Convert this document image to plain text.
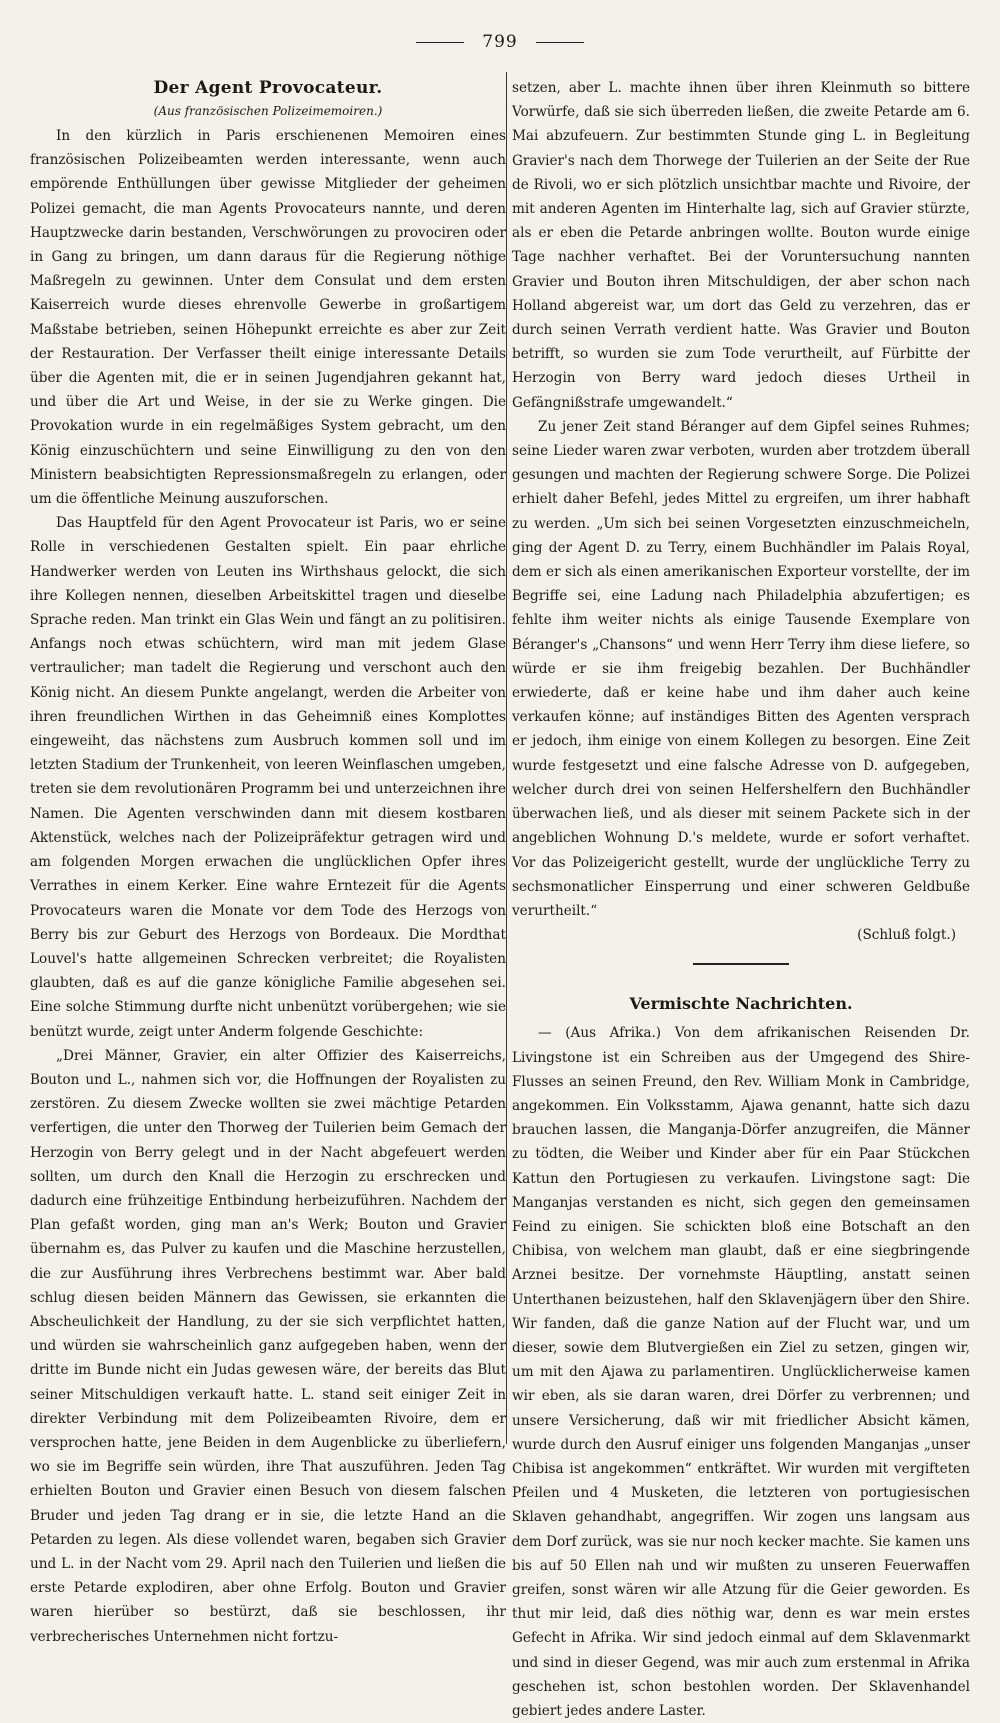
799
Der Agent Provocateur.
(Aus französischen Polizeimemoiren.)

In den kürzlich in Paris erschienenen Memoiren eines französischen Polizeibeamten werden interessante, wenn auch empörende Enthüllungen über gewisse Mitglieder der geheimen Polizei gemacht, die man Agents Provocateurs nannte, und deren Hauptzwecke darin bestanden, Verschwörungen zu provociren oder in Gang zu bringen, um dann daraus für die Regierung nöthige Maßregeln zu gewinnen. Unter dem Consulat und dem ersten Kaiserreich wurde dieses ehrenvolle Gewerbe in großartigem Maßstabe betrieben, seinen Höhepunkt erreichte es aber zur Zeit der Restauration. Der Verfasser theilt einige interessante Details über die Agenten mit, die er in seinen Jugendjahren gekannt hat, und über die Art und Weise, in der sie zu Werke gingen. Die Provokation wurde in ein regelmäßiges System gebracht, um den König einzuschüchtern und seine Einwilligung zu den von den Ministern beabsichtigten Repressionsmaßregeln zu erlangen, oder um die öffentliche Meinung auszuforschen.

Das Hauptfeld für den Agent Provocateur ist Paris, wo er seine Rolle in verschiedenen Gestalten spielt. Ein paar ehrliche Handwerker werden von Leuten ins Wirthshaus gelockt, die sich ihre Kollegen nennen, dieselben Arbeitskittel tragen und dieselbe Sprache reden. Man trinkt ein Glas Wein und fängt an zu politisiren. Anfangs noch etwas schüchtern, wird man mit jedem Glase vertraulicher; man tadelt die Regierung und verschont auch den König nicht. An diesem Punkte angelangt, werden die Arbeiter von ihren freundlichen Wirthen in das Geheimniß eines Komplottes eingeweiht, das nächstens zum Ausbruch kommen soll und im letzten Stadium der Trunkenheit, von leeren Weinflaschen umgeben, treten sie dem revolutionären Programm bei und unterzeichnen ihre Namen. Die Agenten verschwinden dann mit diesem kostbaren Aktenstück, welches nach der Polizeipräfektur getragen wird und am folgenden Morgen erwachen die unglücklichen Opfer ihres Verrathes in einem Kerker. Eine wahre Erntezeit für die Agents Provocateurs waren die Monate vor dem Tode des Herzogs von Berry bis zur Geburt des Herzogs von Bordeaux. Die Mordthat Louvel's hatte allgemeinen Schrecken verbreitet; die Royalisten glaubten, daß es auf die ganze königliche Familie abgesehen sei. Eine solche Stimmung durfte nicht unbenützt vorübergehen; wie sie benützt wurde, zeigt unter Anderm folgende Geschichte:

„Drei Männer, Gravier, ein alter Offizier des Kaiserreichs, Bouton und L., nahmen sich vor, die Hoffnungen der Royalisten zu zerstören. Zu diesem Zwecke wollten sie zwei mächtige Petarden verfertigen, die unter den Thorweg der Tuilerien beim Gemach der Herzogin von Berry gelegt und in der Nacht abgefeuert werden sollten, um durch den Knall die Herzogin zu erschrecken und dadurch eine frühzeitige Entbindung herbeizuführen. Nachdem der Plan gefaßt worden, ging man an's Werk; Bouton und Gravier übernahm es, das Pulver zu kaufen und die Maschine herzustellen, die zur Ausführung ihres Verbrechens bestimmt war. Aber bald schlug diesen beiden Männern das Gewissen, sie erkannten die Abscheulichkeit der Handlung, zu der sie sich verpflichtet hatten, und würden sie wahrscheinlich ganz aufgegeben haben, wenn der dritte im Bunde nicht ein Judas gewesen wäre, der bereits das Blut seiner Mitschuldigen verkauft hatte. L. stand seit einiger Zeit in direkter Verbindung mit dem Polizeibeamten Rivoire, dem er versprochen hatte, jene Beiden in dem Augenblicke zu überliefern, wo sie im Begriffe sein würden, ihre That auszuführen. Jeden Tag erhielten Bouton und Gravier einen Besuch von diesem falschen Bruder und jeden Tag drang er in sie, die letzte Hand an die Petarden zu legen. Als diese vollendet waren, begaben sich Gravier und L. in der Nacht vom 29. April nach den Tuilerien und ließen die erste Petarde explodiren, aber ohne Erfolg. Bouton und Gravier waren hierüber so bestürzt, daß sie beschlossen, ihr verbrecherisches Unternehmen nicht fortzu-

setzen, aber L. machte ihnen über ihren Kleinmuth so bittere Vorwürfe, daß sie sich überreden ließen, die zweite Petarde am 6. Mai abzufeuern. Zur bestimmten Stunde ging L. in Begleitung Gravier's nach dem Thorwege der Tuilerien an der Seite der Rue de Rivoli, wo er sich plötzlich unsichtbar machte und Rivoire, der mit anderen Agenten im Hinterhalte lag, sich auf Gravier stürzte, als er eben die Petarde anbringen wollte. Bouton wurde einige Tage nachher verhaftet. Bei der Voruntersuchung nannten Gravier und Bouton ihren Mitschuldigen, der aber schon nach Holland abgereist war, um dort das Geld zu verzehren, das er durch seinen Verrath verdient hatte. Was Gravier und Bouton betrifft, so wurden sie zum Tode verurtheilt, auf Fürbitte der Herzogin von Berry ward jedoch dieses Urtheil in Gefängnißstrafe umgewandelt.“

Zu jener Zeit stand Béranger auf dem Gipfel seines Ruhmes; seine Lieder waren zwar verboten, wurden aber trotzdem überall gesungen und machten der Regierung schwere Sorge. Die Polizei erhielt daher Befehl, jedes Mittel zu ergreifen, um ihrer habhaft zu werden. „Um sich bei seinen Vorgesetzten einzuschmeicheln, ging der Agent D. zu Terry, einem Buchhändler im Palais Royal, dem er sich als einen amerikanischen Exporteur vorstellte, der im Begriffe sei, eine Ladung nach Philadelphia abzufertigen; es fehlte ihm weiter nichts als einige Tausende Exemplare von Béranger's „Chansons“ und wenn Herr Terry ihm diese liefere, so würde er sie ihm freigebig bezahlen. Der Buchhändler erwiederte, daß er keine habe und ihm daher auch keine verkaufen könne; auf inständiges Bitten des Agenten versprach er jedoch, ihm einige von einem Kollegen zu besorgen. Eine Zeit wurde festgesetzt und eine falsche Adresse von D. aufgegeben, welcher durch drei von seinen Helfershelfern den Buchhändler überwachen ließ, und als dieser mit seinem Packete sich in der angeblichen Wohnung D.'s meldete, wurde er sofort verhaftet. Vor das Polizeigericht gestellt, wurde der unglückliche Terry zu sechsmonatlicher Einsperrung und einer schweren Geldbuße verurtheilt.“

(Schluß folgt.)
Vermischte Nachrichten.

— (Aus Afrika.) Von dem afrikanischen Reisenden Dr. Livingstone ist ein Schreiben aus der Umgegend des Shire-Flusses an seinen Freund, den Rev. William Monk in Cambridge, angekommen. Ein Volksstamm, Ajawa genannt, hatte sich dazu brauchen lassen, die Manganja-Dörfer anzugreifen, die Männer zu tödten, die Weiber und Kinder aber für ein Paar Stückchen Kattun den Portugiesen zu verkaufen. Livingstone sagt: Die Manganjas verstanden es nicht, sich gegen den gemeinsamen Feind zu einigen. Sie schickten bloß eine Botschaft an den Chibisa, von welchem man glaubt, daß er eine siegbringende Arznei besitze. Der vornehmste Häuptling, anstatt seinen Unterthanen beizustehen, half den Sklavenjägern über den Shire. Wir fanden, daß die ganze Nation auf der Flucht war, und um dieser, sowie dem Blutvergießen ein Ziel zu setzen, gingen wir, um mit den Ajawa zu parlamentiren. Unglücklicherweise kamen wir eben, als sie daran waren, drei Dörfer zu verbrennen; und unsere Versicherung, daß wir mit friedlicher Absicht kämen, wurde durch den Ausruf einiger uns folgenden Manganjas „unser Chibisa ist angekommen“ entkräftet. Wir wurden mit vergifteten Pfeilen und 4 Musketen, die letzteren von portugiesischen Sklaven gehandhabt, angegriffen. Wir zogen uns langsam aus dem Dorf zurück, was sie nur noch kecker machte. Sie kamen uns bis auf 50 Ellen nah und wir mußten zu unseren Feuerwaffen greifen, sonst wären wir alle Atzung für die Geier geworden. Es thut mir leid, daß dies nöthig war, denn es war mein erstes Gefecht in Afrika. Wir sind jedoch einmal auf dem Sklavenmarkt und sind in dieser Gegend, was mir auch zum erstenmal in Afrika geschehen ist, schon bestohlen worden. Der Sklavenhandel gebiert jedes andere Laster.
